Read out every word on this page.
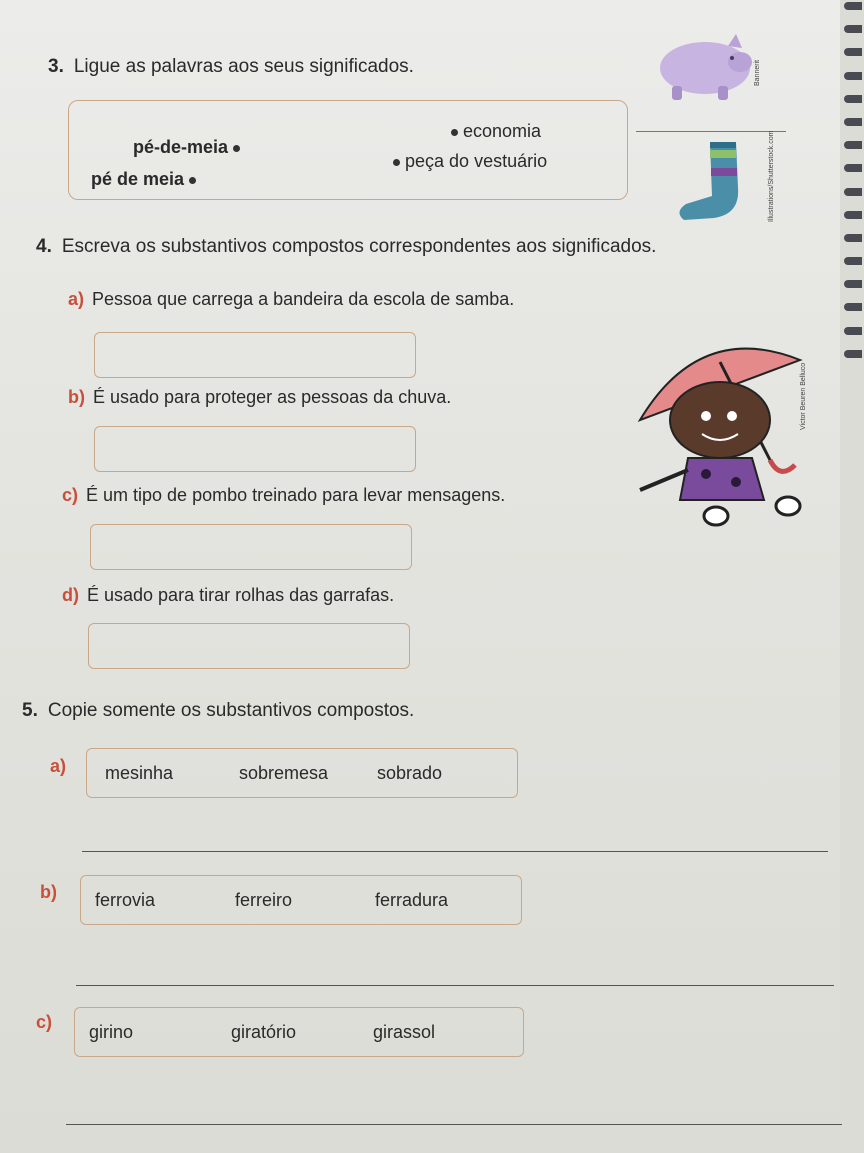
3. Ligue as palavras aos seus significados.	Bannerit
pé-de-meia
pé de meia
economia
peça do vestuário	Illustrations/Shutterstock.com
4. Escreva os substantivos compostos correspondentes aos significados.
a) Pessoa que carrega a bandeira da escola de samba.
b) É usado para proteger as pessoas da chuva.
c) É um tipo de pombo treinado para levar mensagens.
d) É usado para tirar rolhas das garrafas.
Victor Beuren Belluco
5. Copie somente os substantivos compostos.
a)	mesinha	sobremesa	sobrado
b)	ferrovia	ferreiro	ferradura
c)	girino	giratório	girassol
